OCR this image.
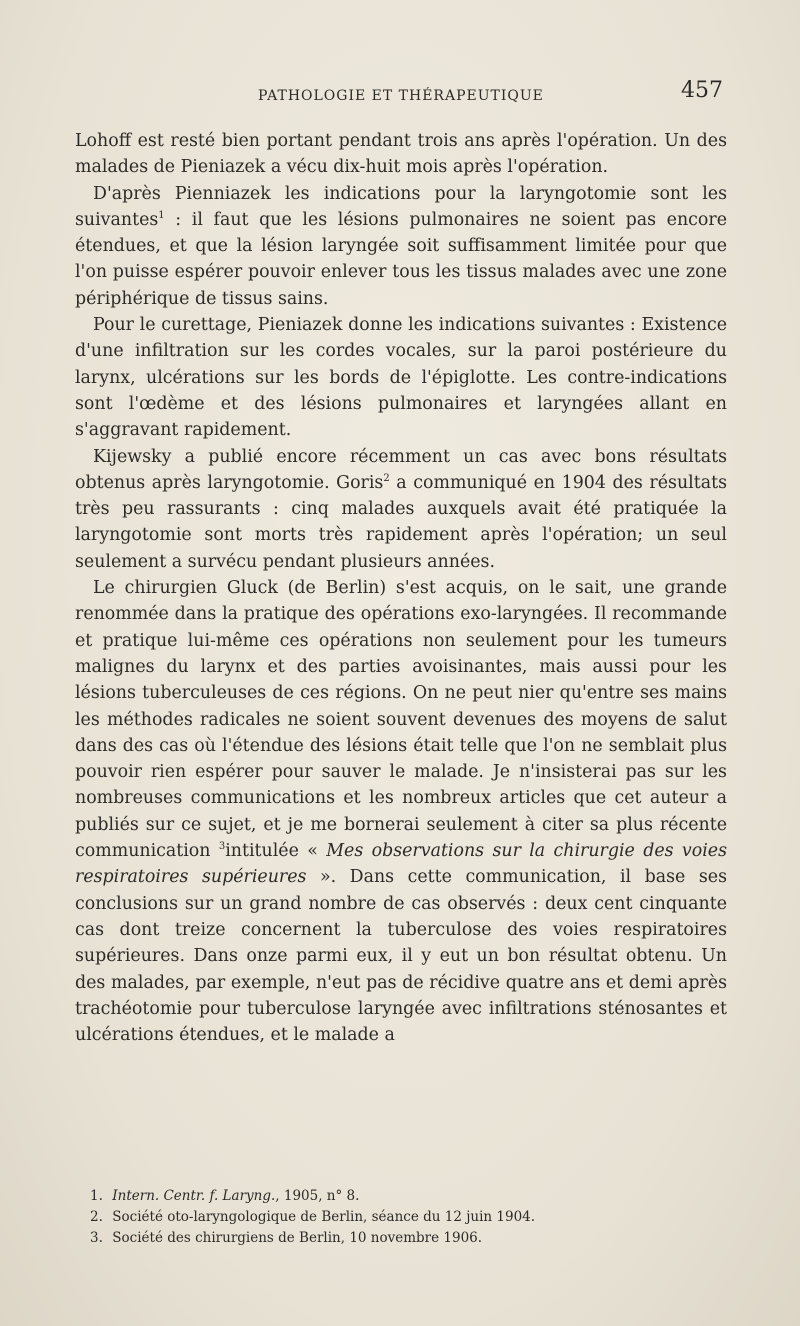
PATHOLOGIE ET THÉRAPEUTIQUE	457

Lohoff est resté bien portant pendant trois ans après l'opération. Un des malades de Pieniazek a vécu dix-huit mois après l'opération.

D'après Pienniazek les indications pour la laryngotomie sont les suivantes$^1$ : il faut que les lésions pulmonaires ne soient pas encore étendues, et que la lésion laryngée soit suffisamment limitée pour que l'on puisse espérer pouvoir enlever tous les tissus malades avec une zone périphérique de tissus sains.

Pour le curettage, Pieniazek donne les indications suivantes : Existence d'une infiltration sur les cordes vocales, sur la paroi postérieure du larynx, ulcérations sur les bords de l'épiglotte. Les contre-indications sont l'œdème et des lésions pulmonaires et laryngées allant en s'aggravant rapidement.

Kijewsky a publié encore récemment un cas avec bons résultats obtenus après laryngotomie. Goris$^2$ a communiqué en 1904 des résultats très peu rassurants : cinq malades auxquels avait été pratiquée la laryngotomie sont morts très rapidement après l'opération; un seul seulement a survécu pendant plusieurs années.

Le chirurgien Gluck (de Berlin) s'est acquis, on le sait, une grande renommée dans la pratique des opérations exo-laryngées. Il recommande et pratique lui-même ces opérations non seulement pour les tumeurs malignes du larynx et des parties avoisinantes, mais aussi pour les lésions tuberculeuses de ces régions. On ne peut nier qu'entre ses mains les méthodes radicales ne soient souvent devenues des moyens de salut dans des cas où l'étendue des lésions était telle que l'on ne semblait plus pouvoir rien espérer pour sauver le malade. Je n'insisterai pas sur les nombreuses communications et les nombreux articles que cet auteur a publiés sur ce sujet, et je me bornerai seulement à citer sa plus récente communication $^3$intitulée « Mes observations sur la chirurgie des voies respiratoires supérieures ». Dans cette communication, il base ses conclusions sur un grand nombre de cas observés : deux cent cinquante cas dont treize concernent la tuberculose des voies respiratoires supérieures. Dans onze parmi eux, il y eut un bon résultat obtenu. Un des malades, par exemple, n'eut pas de récidive quatre ans et demi après trachéotomie pour tuberculose laryngée avec infiltrations sténosantes et ulcérations étendues, et le malade a

1. Intern. Centr. f. Laryng., 1905, n° 8.
2. Société oto-laryngologique de Berlin, séance du 12 juin 1904.
3. Société des chirurgiens de Berlin, 10 novembre 1906.
